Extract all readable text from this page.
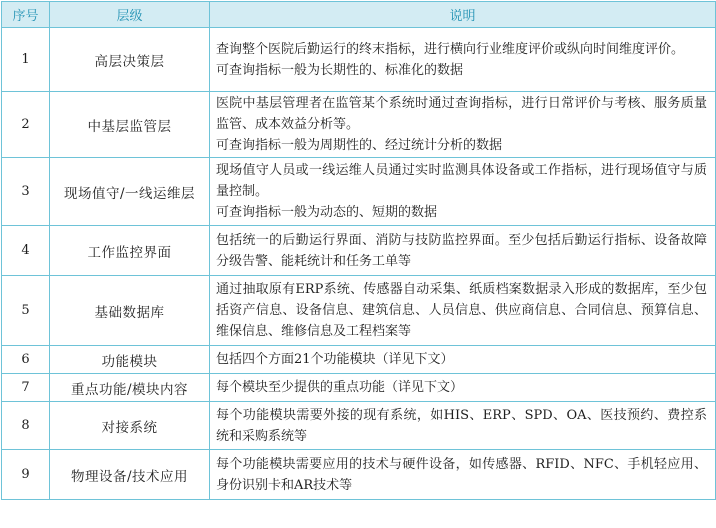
序号	层级	说明
1	高层决策层	查询整个医院后勤运行的终末指标，进行横向行业维度评价或纵向时间维度评价。
可查询指标一般为长期性的、标准化的数据

2	中基层监管层	医院中基层管理者在监管某个系统时通过查询指标，进行日常评价与考核、服务质量监管、成本效益分析等。
可查询指标一般为周期性的、经过统计分析的数据

3	现场值守/一线运维层	现场值守人员或一线运维人员通过实时监测具体设备或工作指标，进行现场值守与质量控制。
可查询指标一般为动态的、短期的数据

4	工作监控界面	包括统一的后勤运行界面、消防与技防监控界面。至少包括后勤运行指标、设备故障分级告警、能耗统计和任务工单等

5	基础数据库	通过抽取原有ERP系统、传感器自动采集、纸质档案数据录入形成的数据库，至少包括资产信息、设备信息、建筑信息、人员信息、供应商信息、合同信息、预算信息、维保信息、维修信息及工程档案等

6	功能模块	包括四个方面21个功能模块（详见下文）

7	重点功能/模块内容	每个模块至少提供的重点功能（详见下文）

8	对接系统	每个功能模块需要外接的现有系统，如HIS、ERP、SPD、OA、医技预约、费控系统和采购系统等

9	物理设备/技术应用	每个功能模块需要应用的技术与硬件设备，如传感器、RFID、NFC、手机轻应用、身份识别卡和AR技术等
